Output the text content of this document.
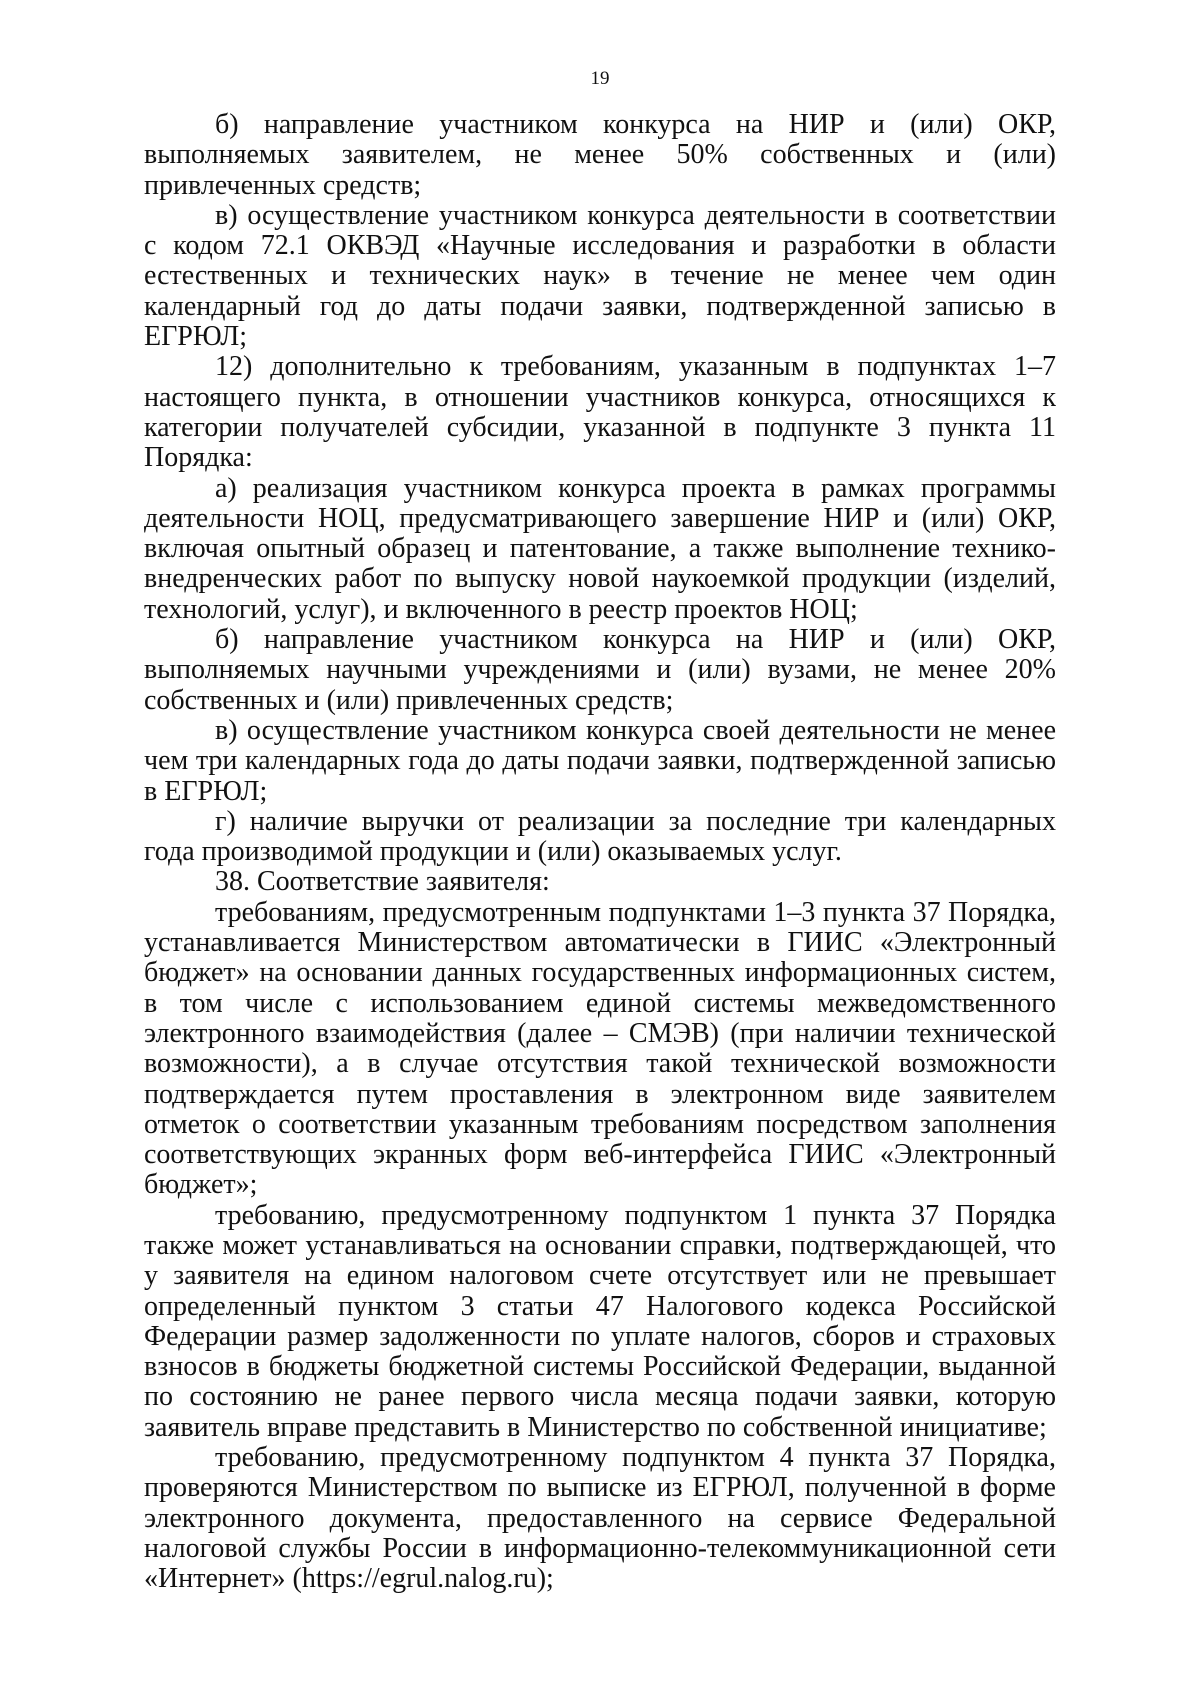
19

б) направление участником конкурса на НИР и (или) ОКР, выполняемых заявителем, не менее 50% собственных и (или) привлеченных средств;

в) осуществление участником конкурса деятельности в соответствии с кодом 72.1 ОКВЭД «Научные исследования и разработки в области естественных и технических наук» в течение не менее чем один календарный год до даты подачи заявки, подтвержденной записью в ЕГРЮЛ;

12) дополнительно к требованиям, указанным в подпунктах 1–7 настоящего пункта, в отношении участников конкурса, относящихся к категории получателей субсидии, указанной в подпункте 3 пункта 11 Порядка:

а) реализация участником конкурса проекта в рамках программы деятельности НОЦ, предусматривающего завершение НИР и (или) ОКР, включая опытный образец и патентование, а также выполнение технико-внедренческих работ по выпуску новой наукоемкой продукции (изделий, технологий, услуг), и включенного в реестр проектов НОЦ;

б) направление участником конкурса на НИР и (или) ОКР, выполняемых научными учреждениями и (или) вузами, не менее 20% собственных и (или) привлеченных средств;

в) осуществление участником конкурса своей деятельности не менее чем три календарных года до даты подачи заявки, подтвержденной записью в ЕГРЮЛ;

г) наличие выручки от реализации за последние три календарных года производимой продукции и (или) оказываемых услуг.

38. Соответствие заявителя:

требованиям, предусмотренным подпунктами 1–3 пункта 37 Порядка, устанавливается Министерством автоматически в ГИИС «Электронный бюджет» на основании данных государственных информационных систем, в том числе с использованием единой системы межведомственного электронного взаимодействия (далее – СМЭВ) (при наличии технической возможности), а в случае отсутствия такой технической возможности подтверждается путем проставления в электронном виде заявителем отметок о соответствии указанным требованиям посредством заполнения соответствующих экранных форм веб-интерфейса ГИИС «Электронный бюджет»;

требованию, предусмотренному подпунктом 1 пункта 37 Порядка также может устанавливаться на основании справки, подтверждающей, что у заявителя на едином налоговом счете отсутствует или не превышает определенный пунктом 3 статьи 47 Налогового кодекса Российской Федерации размер задолженности по уплате налогов, сборов и страховых взносов в бюджеты бюджетной системы Российской Федерации, выданной по состоянию не ранее первого числа месяца подачи заявки, которую заявитель вправе представить в Министерство по собственной инициативе;

требованию, предусмотренному подпунктом 4 пункта 37 Порядка, проверяются Министерством по выписке из ЕГРЮЛ, полученной в форме электронного документа, предоставленного на сервисе Федеральной налоговой службы России в информационно-телекоммуникационной сети «Интернет» (https://egrul.nalog.ru);
